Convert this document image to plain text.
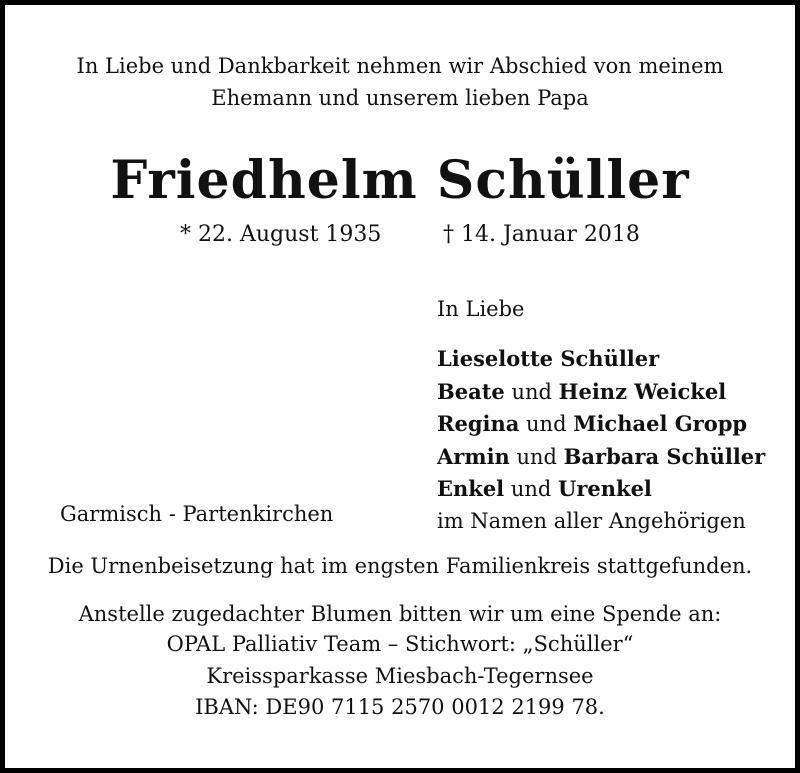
In Liebe und Dankbarkeit nehmen wir Abschied von meinem
Ehemann und unserem lieben Papa
Friedhelm Schüller
* 22. August 1935	† 14. Januar 2018
In Liebe
Lieselotte Schüller
Beate und Heinz Weickel
Regina und Michael Gropp
Armin und Barbara Schüller
Enkel und Urenkel
im Namen aller Angehörigen
Garmisch - Partenkirchen
Die Urnenbeisetzung hat im engsten Familienkreis stattgefunden.
Anstelle zugedachter Blumen bitten wir um eine Spende an:
OPAL Palliativ Team – Stichwort: „Schüller“
Kreissparkasse Miesbach-Tegernsee
IBAN: DE90 7115 2570 0012 2199 78.
